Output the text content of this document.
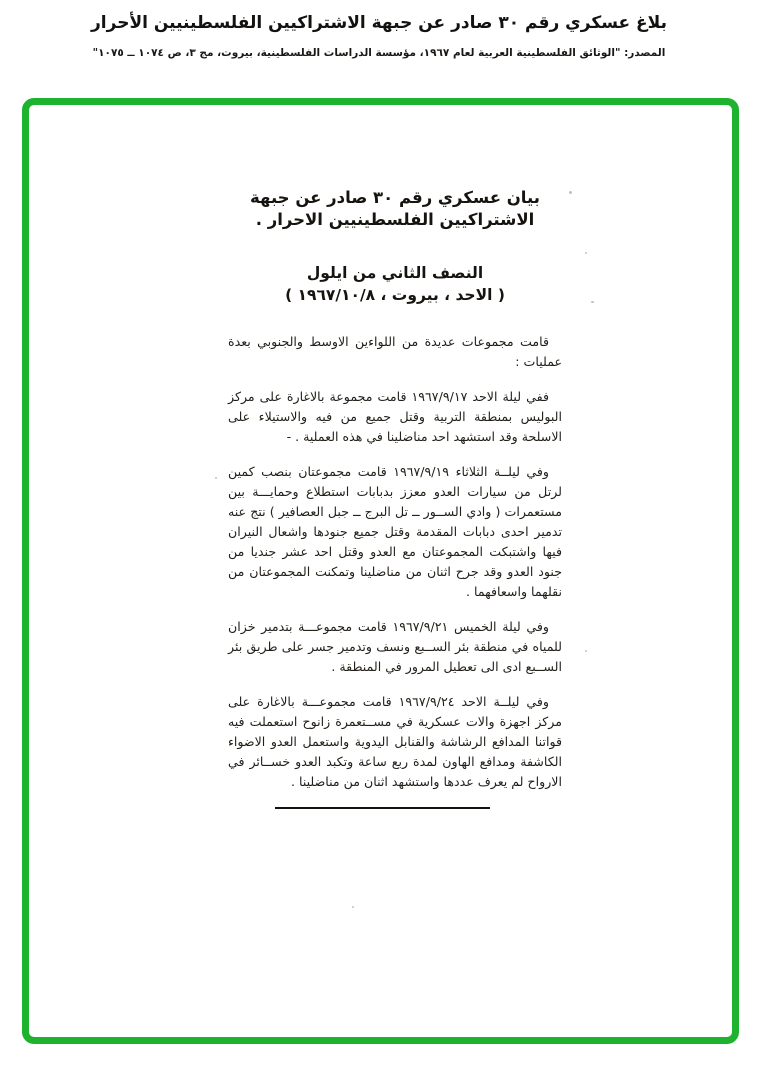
بلاغ عسكري رقم ٣٠ صادر عن جبهة الاشتراكيين الفلسطينيين الأحرار
المصدر: "الوثائق الفلسطينية العربية لعام ١٩٦٧، مؤسسة الدراسات الفلسطينية، بيروت، مج ٣، ص ١٠٧٤ ــ ١٠٧٥"
بيان عسكري رقم ٣٠ صادر عن جبهة
الاشتراكيين الفلسطينيين الاحرار .
النصف الثاني من ايلول
( الاحد ، بيروت ، ١٩٦٧/١٠/٨ )

قامت مجموعات عديدة من اللواءين الاوسط والجنوبي بعدة عمليات :

ففي ليلة الاحد ١٩٦٧/٩/١٧ قامت مجموعة بالاغارة على مركز البوليس بمنطقة التربية وقتل جميع من فيه والاستيلاء على الاسلحة وقد استشهد احد مناضلينا في هذه العملية . -

وفي ليلــة الثلاثاء ١٩٦٧/٩/١٩ قامت مجموعتان بنصب كمين لرتل من سيارات العدو معزز بدبابات استطلاع وحمايـــة بين مستعمرات ( وادي الســور ــ تل البرج ــ جبل العصافير ) نتج عنه تدمير احدى دبابات المقدمة وقتل جميع جنودها واشعال النيران فيها واشتبكت المجموعتان مع العدو وقتل احد عشر جنديا من جنود العدو وقد جرح اثنان من مناضلينا وتمكنت المجموعتان من نقلهما واسعافهما .

وفي ليلة الخميس ١٩٦٧/٩/٢١ قامت مجموعـــة بتدمير خزان للمياه في منطقة بئر الســبع ونسف وتدمير جسر على طريق بئر الســبع ادى الى تعطيل المرور في المنطقة .

وفي ليلــة الاحد ١٩٦٧/٩/٢٤ قامت مجموعـــة بالاغارة على مركز اجهزة والات عسكرية في مســتعمرة زانوح استعملت فيه قواتنا المدافع الرشاشة والقنابل اليدوية واستعمل العدو الاضواء الكاشفة ومدافع الهاون لمدة ربع ساعة وتكبد العدو خســائر في الارواح لم يعرف عددها واستشهد اثنان من مناضلينا .
